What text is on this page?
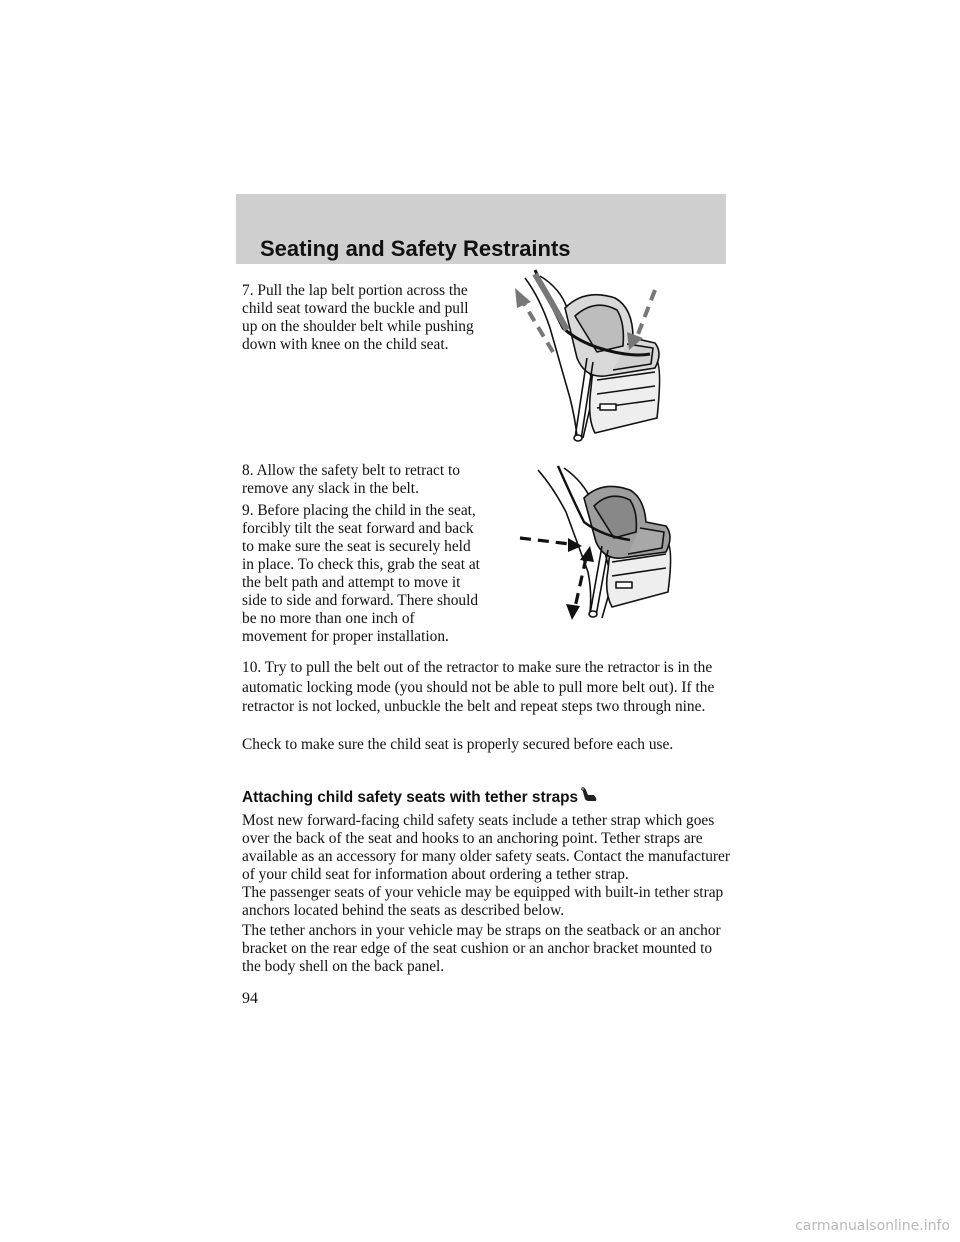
Seating and Safety Restraints

7. Pull the lap belt portion across the child seat toward the buckle and pull up on the shoulder belt while pushing down with knee on the child seat.

8. Allow the safety belt to retract to remove any slack in the belt.

9. Before placing the child in the seat, forcibly tilt the seat forward and back to make sure the seat is securely held in place. To check this, grab the seat at the belt path and attempt to move it side to side and forward. There should be no more than one inch of movement for proper installation.

10. Try to pull the belt out of the retractor to make sure the retractor is in the automatic locking mode (you should not be able to pull more belt out). If the retractor is not locked, unbuckle the belt and repeat steps two through nine.

Check to make sure the child seat is properly secured before each use.

Attaching child safety seats with tether straps

Most new forward-facing child safety seats include a tether strap which goes over the back of the seat and hooks to an anchoring point. Tether straps are available as an accessory for many older safety seats. Contact the manufacturer of your child seat for information about ordering a tether strap.

The passenger seats of your vehicle may be equipped with built-in tether strap anchors located behind the seats as described below.

The tether anchors in your vehicle may be straps on the seatback or an anchor bracket on the rear edge of the seat cushion or an anchor bracket mounted to the body shell on the back panel.

94

carmanualsonline.info
